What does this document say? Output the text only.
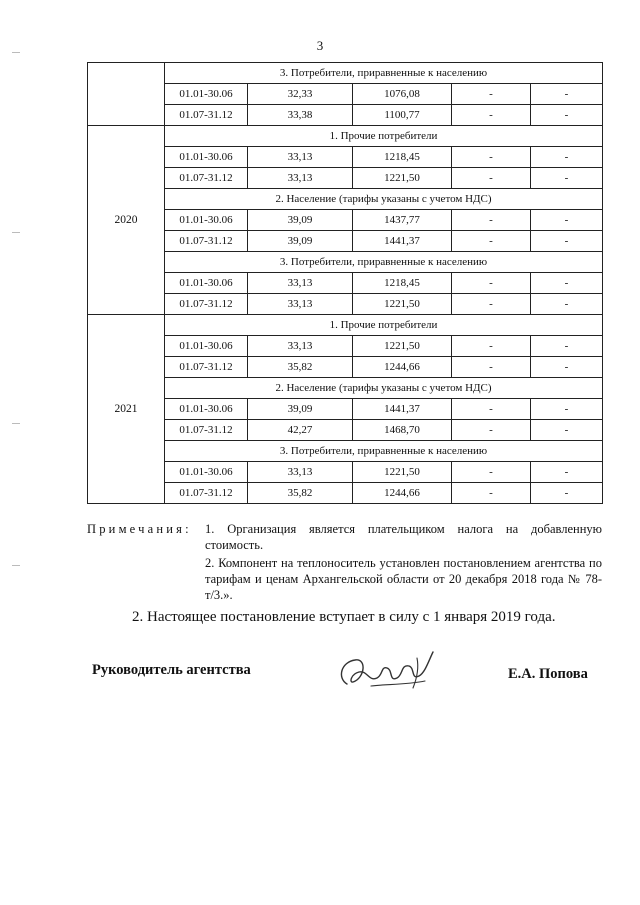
3
	3. Потребители, приравненные к населению				
	01.01-30.06	32,33	1076,08	-	-
	01.07-31.12	33,38	1100,77	-	-
2020	1. Прочие потребители				
	01.01-30.06	33,13	1218,45	-	-
	01.07-31.12	33,13	1221,50	-	-
	2. Население (тарифы указаны с учетом НДС)				
	01.01-30.06	39,09	1437,77	-	-
	01.07-31.12	39,09	1441,37	-	-
	3. Потребители, приравненные к населению				
	01.01-30.06	33,13	1218,45	-	-
	01.07-31.12	33,13	1221,50	-	-
2021	1. Прочие потребители				
	01.01-30.06	33,13	1221,50	-	-
	01.07-31.12	35,82	1244,66	-	-
	2. Население (тарифы указаны с учетом НДС)				
	01.01-30.06	39,09	1441,37	-	-
	01.07-31.12	42,27	1468,70	-	-
	3. Потребители, приравненные к населению				
	01.01-30.06	33,13	1221,50	-	-
	01.07-31.12	35,82	1244,66	-	-
Примечания: 1. Организация является плательщиком налога на добавленную стоимость.

2. Компонент на теплоноситель установлен постановлением агентства по тарифам и ценам Архангельской области от 20 декабря 2018 года № 78-т/3.».

2. Настоящее постановление вступает в силу с 1 января 2019 года.
Руководитель агентства	Е.А. Попова
